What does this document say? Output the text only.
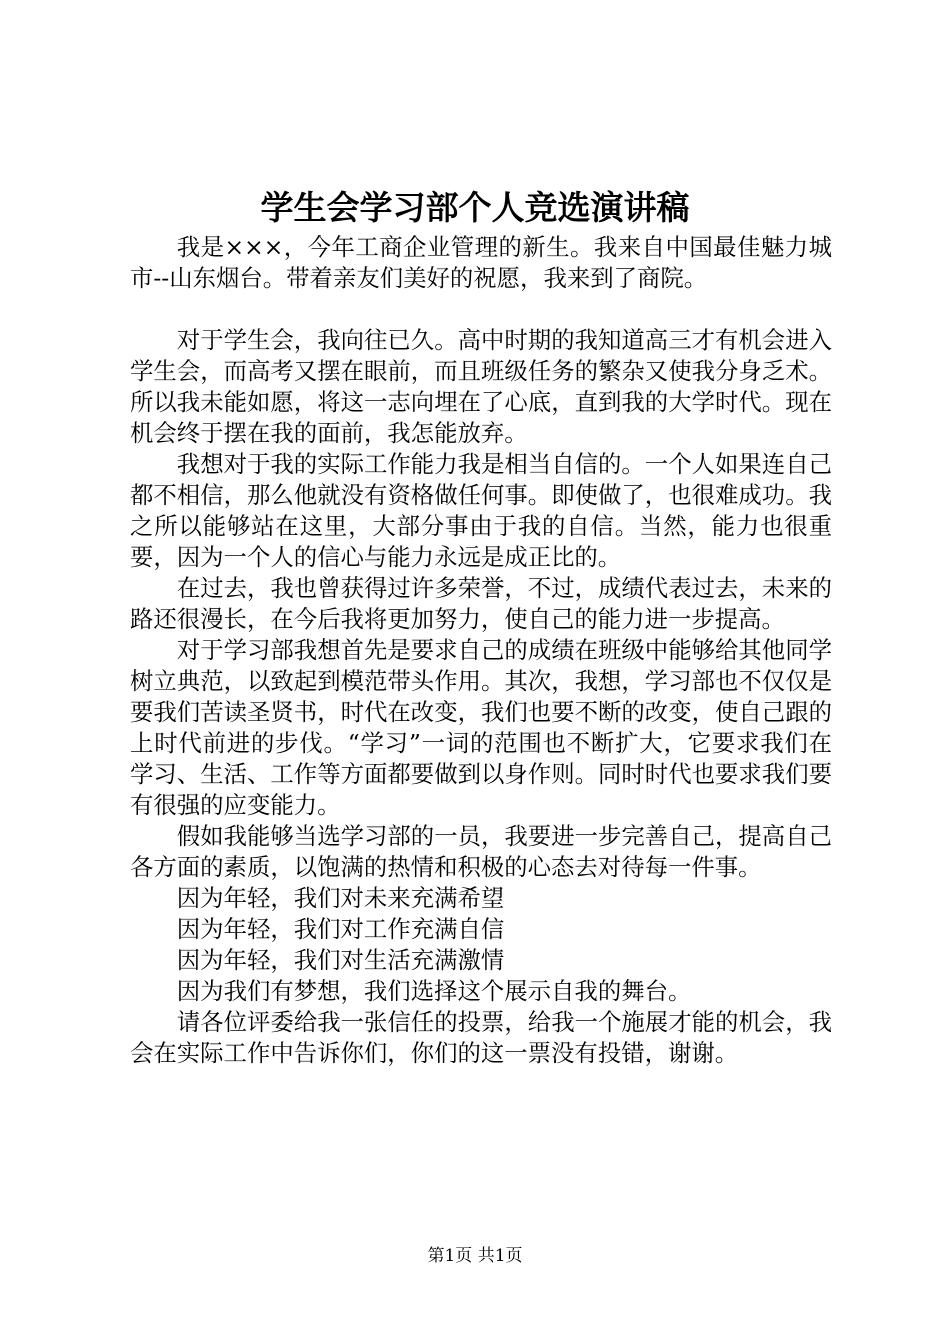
学生会学习部个人竞选演讲稿

我是×××，今年工商企业管理的新生。我来自中国最佳魅力城市--山东烟台。带着亲友们美好的祝愿，我来到了商院。

对于学生会，我向往已久。高中时期的我知道高三才有机会进入学生会，而高考又摆在眼前，而且班级任务的繁杂又使我分身乏术。所以我未能如愿，将这一志向埋在了心底，直到我的大学时代。现在机会终于摆在我的面前，我怎能放弃。

我想对于我的实际工作能力我是相当自信的。一个人如果连自己都不相信，那么他就没有资格做任何事。即使做了，也很难成功。我之所以能够站在这里，大部分事由于我的自信。当然，能力也很重要，因为一个人的信心与能力永远是成正比的。

在过去，我也曾获得过许多荣誉，不过，成绩代表过去，未来的路还很漫长，在今后我将更加努力，使自己的能力进一步提高。

对于学习部我想首先是要求自己的成绩在班级中能够给其他同学树立典范，以致起到模范带头作用。其次，我想，学习部也不仅仅是要我们苦读圣贤书，时代在改变，我们也要不断的改变，使自己跟的上时代前进的步伐。“学习”一词的范围也不断扩大，它要求我们在学习、生活、工作等方面都要做到以身作则。同时时代也要求我们要有很强的应变能力。

假如我能够当选学习部的一员，我要进一步完善自己，提高自己各方面的素质，以饱满的热情和积极的心态去对待每一件事。

因为年轻，我们对未来充满希望

因为年轻，我们对工作充满自信

因为年轻，我们对生活充满激情

因为我们有梦想，我们选择这个展示自我的舞台。

请各位评委给我一张信任的投票，给我一个施展才能的机会，我会在实际工作中告诉你们，你们的这一票没有投错，谢谢。

第1页 共1页
